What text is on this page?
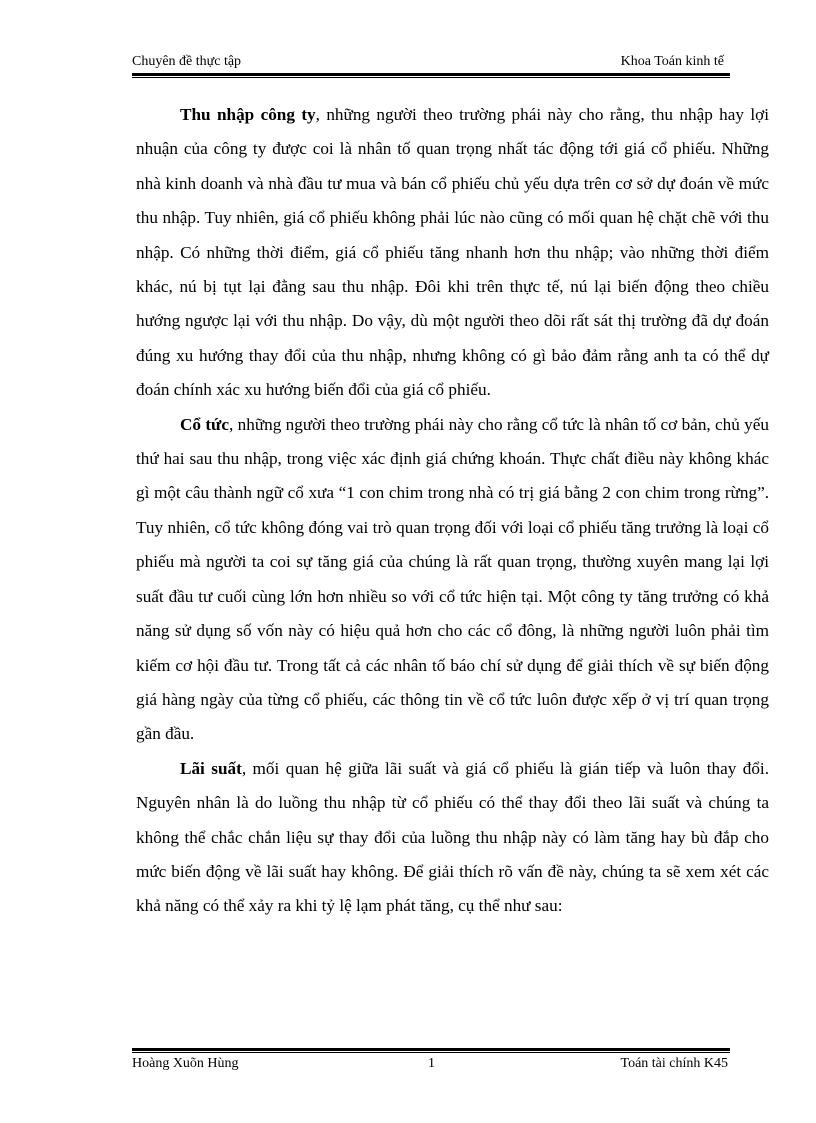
Chuyên đề thực tập	Khoa Toán kinh tế

Thu nhập công ty, những người theo trường phái này cho rằng, thu nhập hay lợi nhuận của công ty được coi là nhân tố quan trọng nhất tác động tới giá cổ phiếu. Những nhà kinh doanh và nhà đầu tư mua và bán cổ phiếu chủ yếu dựa trên cơ sở dự đoán về mức thu nhập. Tuy nhiên, giá cổ phiếu không phải lúc nào cũng có mối quan hệ chặt chẽ với thu nhập. Có những thời điểm, giá cổ phiếu tăng nhanh hơn thu nhập; vào những thời điểm khác, nú bị tụt lại đằng sau thu nhập. Đôi khi trên thực tế, nú lại biến động theo chiều hướng ngược lại với thu nhập. Do vậy, dù một người theo dõi rất sát thị trường đã dự đoán đúng xu hướng thay đổi của thu nhập, nhưng không có gì bảo đảm rằng anh ta có thể dự đoán chính xác xu hướng biến đổi của giá cổ phiếu.

Cổ tức, những người theo trường phái này cho rằng cổ tức là nhân tố cơ bản, chủ yếu thứ hai sau thu nhập, trong việc xác định giá chứng khoán. Thực chất điều này không khác gì một câu thành ngữ cổ xưa “1 con chim trong nhà có trị giá bằng 2 con chim trong rừng”. Tuy nhiên, cổ tức không đóng vai trò quan trọng đối với loại cổ phiếu tăng trưởng là loại cổ phiếu mà người ta coi sự tăng giá của chúng là rất quan trọng, thường xuyên mang lại lợi suất đầu tư cuối cùng lớn hơn nhiều so với cổ tức hiện tại. Một công ty tăng trưởng có khả năng sử dụng số vốn này có hiệu quả hơn cho các cổ đông, là những người luôn phải tìm kiếm cơ hội đầu tư. Trong tất cả các nhân tố báo chí sử dụng để giải thích về sự biến động giá hàng ngày của từng cổ phiếu, các thông tin về cổ tức luôn được xếp ở vị trí quan trọng gần đầu.

Lãi suất, mối quan hệ giữa lãi suất và giá cổ phiếu là gián tiếp và luôn thay đổi. Nguyên nhân là do luồng thu nhập từ cổ phiếu có thể thay đổi theo lãi suất và chúng ta không thể chắc chắn liệu sự thay đổi của luồng thu nhập này có làm tăng hay bù đắp cho mức biến động về lãi suất hay không. Để giải thích rõ vấn đề này, chúng ta sẽ xem xét các khả năng có thể xảy ra khi tỷ lệ lạm phát tăng, cụ thể như sau:

Hoàng Xuõn Hùng	1	Toán tài chính K45
